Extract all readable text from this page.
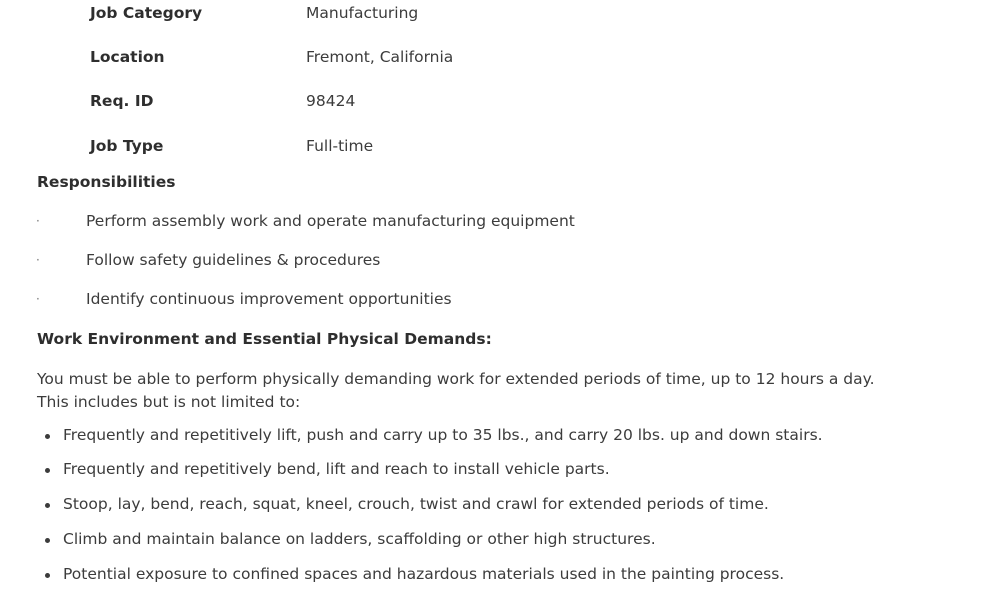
Job Category	Manufacturing
Location	Fremont, California
Req. ID	98424
Job Type	Full-time
Responsibilities
·	Perform assembly work and operate manufacturing equipment
·	Follow safety guidelines & procedures
·	Identify continuous improvement opportunities
Work Environment and Essential Physical Demands:
You must be able to perform physically demanding work for extended periods of time, up to 12 hours a day. This includes but is not limited to:
Frequently and repetitively lift, push and carry up to 35 lbs., and carry 20 lbs. up and down stairs.
Frequently and repetitively bend, lift and reach to install vehicle parts.
Stoop, lay, bend, reach, squat, kneel, crouch, twist and crawl for extended periods of time.
Climb and maintain balance on ladders, scaffolding or other high structures.
Potential exposure to confined spaces and hazardous materials used in the painting process.
